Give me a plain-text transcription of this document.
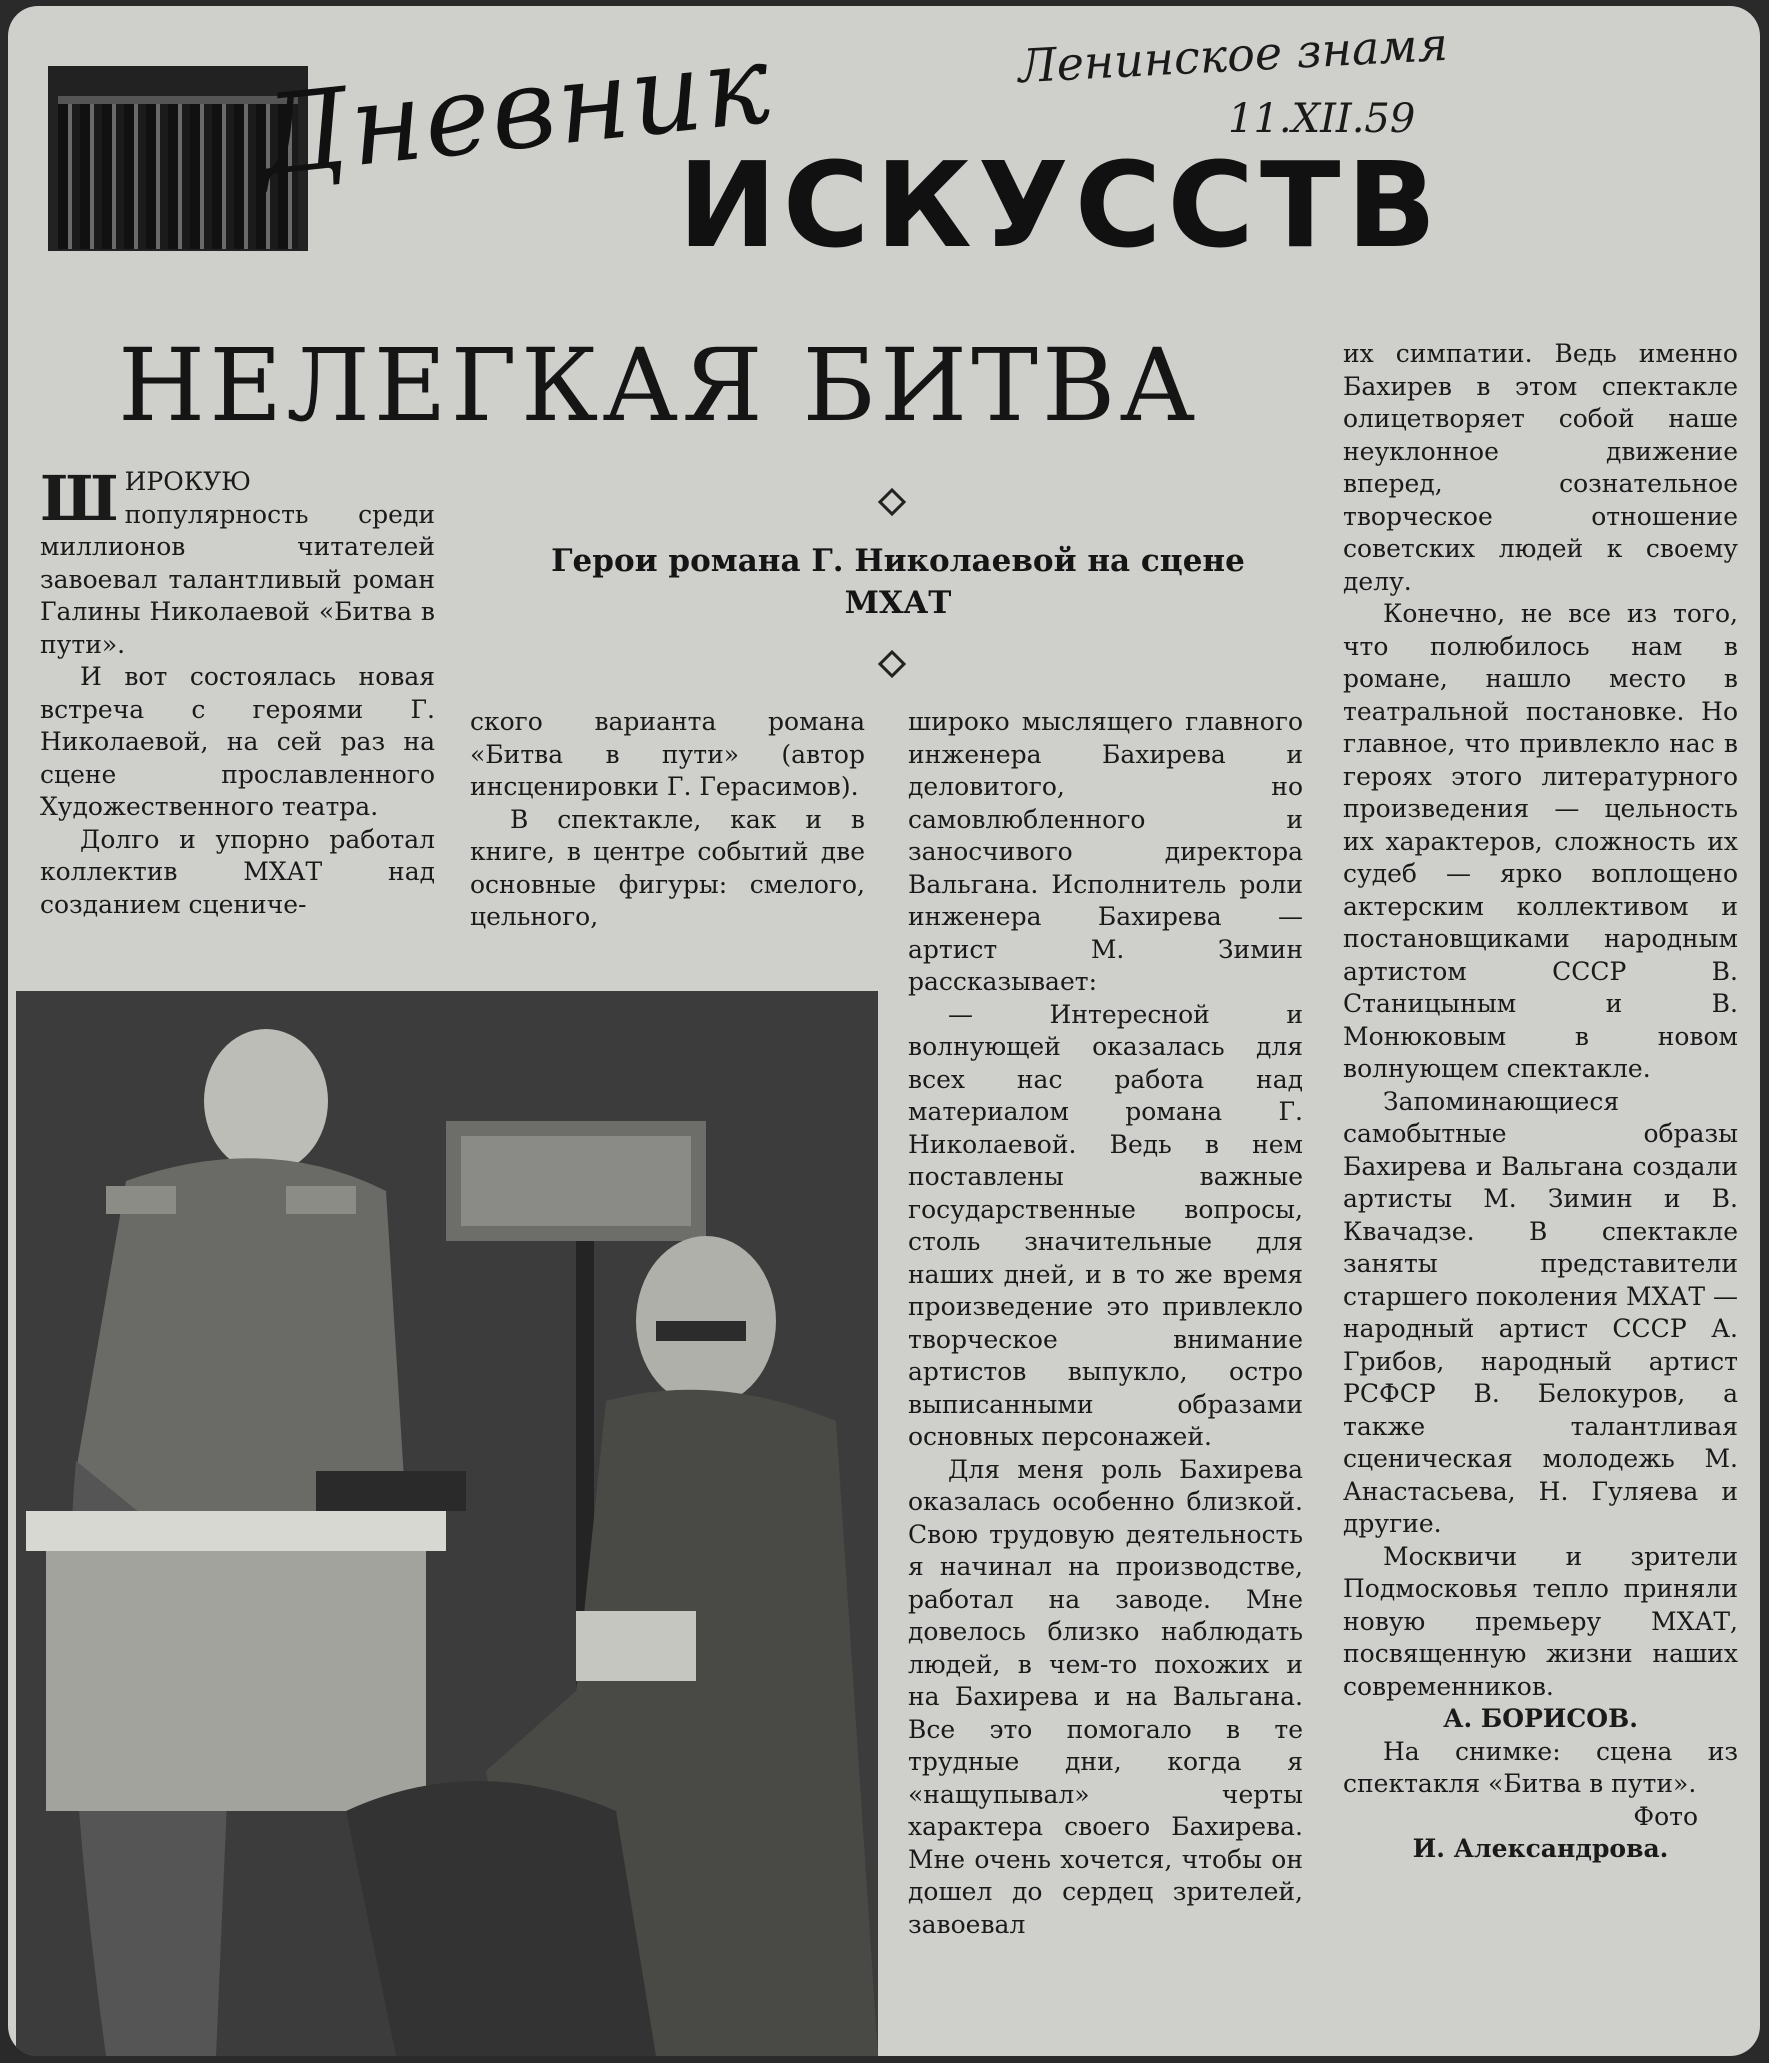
Дневник
ИСКУССТВ
Ленинское знамя
11.XII.59
НЕЛЕГКАЯ БИТВА
Герои романа Г. Николаевой на сцене МХАТ

ШИРОКУЮ популярность среди миллионов читателей завоевал талантливый роман Галины Николаевой «Битва в пути».

И вот состоялась новая встреча с героями Г. Николаевой, на сей раз на сцене прославленного Художественного театра.

Долго и упорно работал коллектив МХАТ над созданием сцениче-

ского варианта романа «Битва в пути» (автор инсценировки Г. Герасимов).

В спектакле, как и в книге, в центре событий две основные фигуры: смелого, цельного,

широко мыслящего главного инженера Бахирева и деловитого, но самовлюбленного и заносчивого директора Вальгана. Исполнитель роли инженера Бахирева — артист М. Зимин рассказывает:

— Интересной и волнующей оказалась для всех нас работа над материалом романа Г. Николаевой. Ведь в нем поставлены важные государственные вопросы, столь значительные для наших дней, и в то же время произведение это привлекло творческое внимание артистов выпукло, остро выписанными образами основных персонажей.

Для меня роль Бахирева оказалась особенно близкой. Свою трудовую деятельность я начинал на производстве, работал на заводе. Мне довелось близко наблюдать людей, в чем-то похожих и на Бахирева и на Вальгана. Все это помогало в те трудные дни, когда я «нащупывал» черты характера своего Бахирева. Мне очень хочется, чтобы он дошел до сердец зрителей, завоевал

их симпатии. Ведь именно Бахирев в этом спектакле олицетворяет собой наше неуклонное движение вперед, сознательное творческое отношение советских людей к своему делу.

Конечно, не все из того, что полюбилось нам в романе, нашло место в театральной постановке. Но главное, что привлекло нас в героях этого литературного произведения — цельность их характеров, сложность их судеб — ярко воплощено актерским коллективом и постановщиками народным артистом СССР В. Станицыным и В. Монюковым в новом волнующем спектакле.

Запоминающиеся самобытные образы Бахирева и Вальгана создали артисты М. Зимин и В. Квачадзе. В спектакле заняты представители старшего поколения МХАТ — народный артист СССР А. Грибов, народный артист РСФСР В. Белокуров, а также талантливая сценическая молодежь М. Анастасьева, Н. Гуляева и другие.

Москвичи и зрители Подмосковья тепло приняли новую премьеру МХАТ, посвященную жизни наших современников.

А. БОРИСОВ.

На снимке: сцена из спектакля «Битва в пути».

Фото
И. Александрова.
